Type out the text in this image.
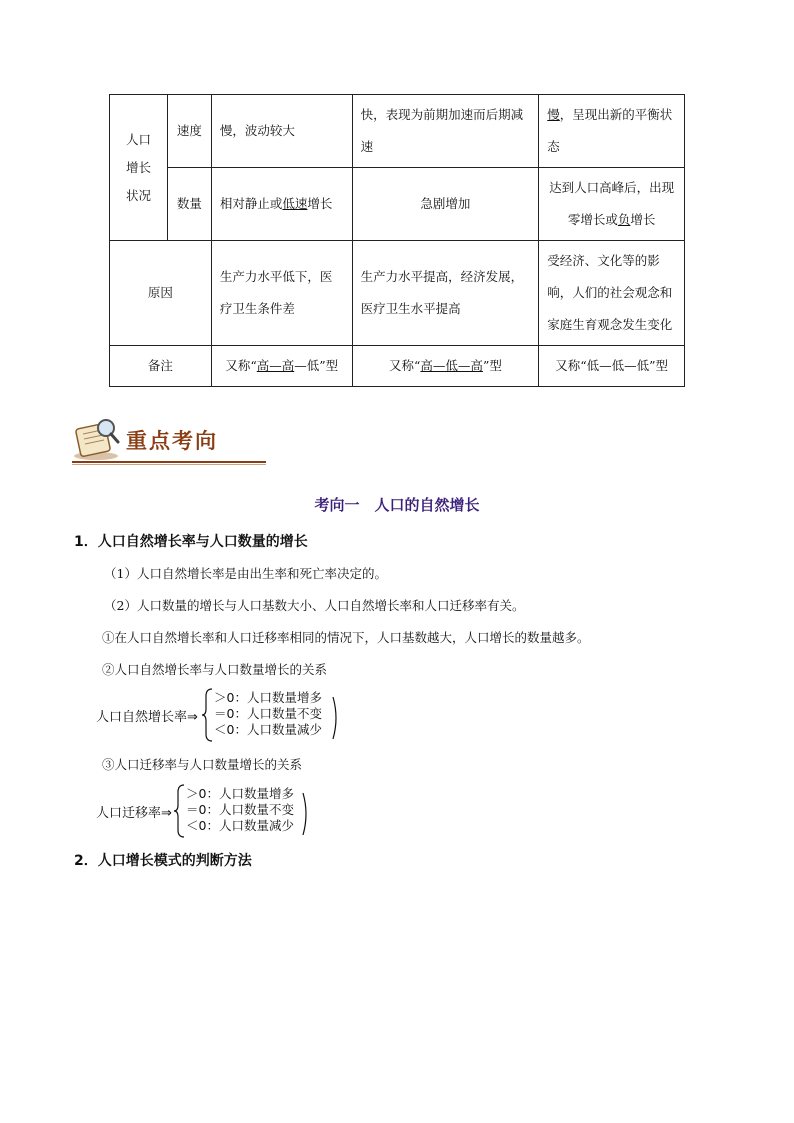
人口
增长
状况	速度	慢，波动较大	快，表现为前期加速而后期减速	慢，呈现出新的平衡状态
	数量	相对静止或低速增长	急剧增加	达到人口高峰后，出现零增长或负增长
原因		生产力水平低下，医疗卫生条件差	生产力水平提高，经济发展，医疗卫生水平提高	受经济、文化等的影响，人们的社会观念和家庭生育观念发生变化
备注		又称“高—高—低”型	又称“高—低—高”型	又称“低—低—低”型
重点考向
考向一　人口的自然增长
1．人口自然增长率与人口数量的增长
（1）人口自然增长率是由出生率和死亡率决定的。
（2）人口数量的增长与人口基数大小、人口自然增长率和人口迁移率有关。
①在人口自然增长率和人口迁移率相同的情况下，人口基数越大，人口增长的数量越多。
②人口自然增长率与人口数量增长的关系
人口自然增长率⇒
＞0：人口数量增多
＝0：人口数量不变
＜0：人口数量减少
③人口迁移率与人口数量增长的关系
人口迁移率⇒
＞0：人口数量增多
＝0：人口数量不变
＜0：人口数量减少
2．人口增长模式的判断方法
